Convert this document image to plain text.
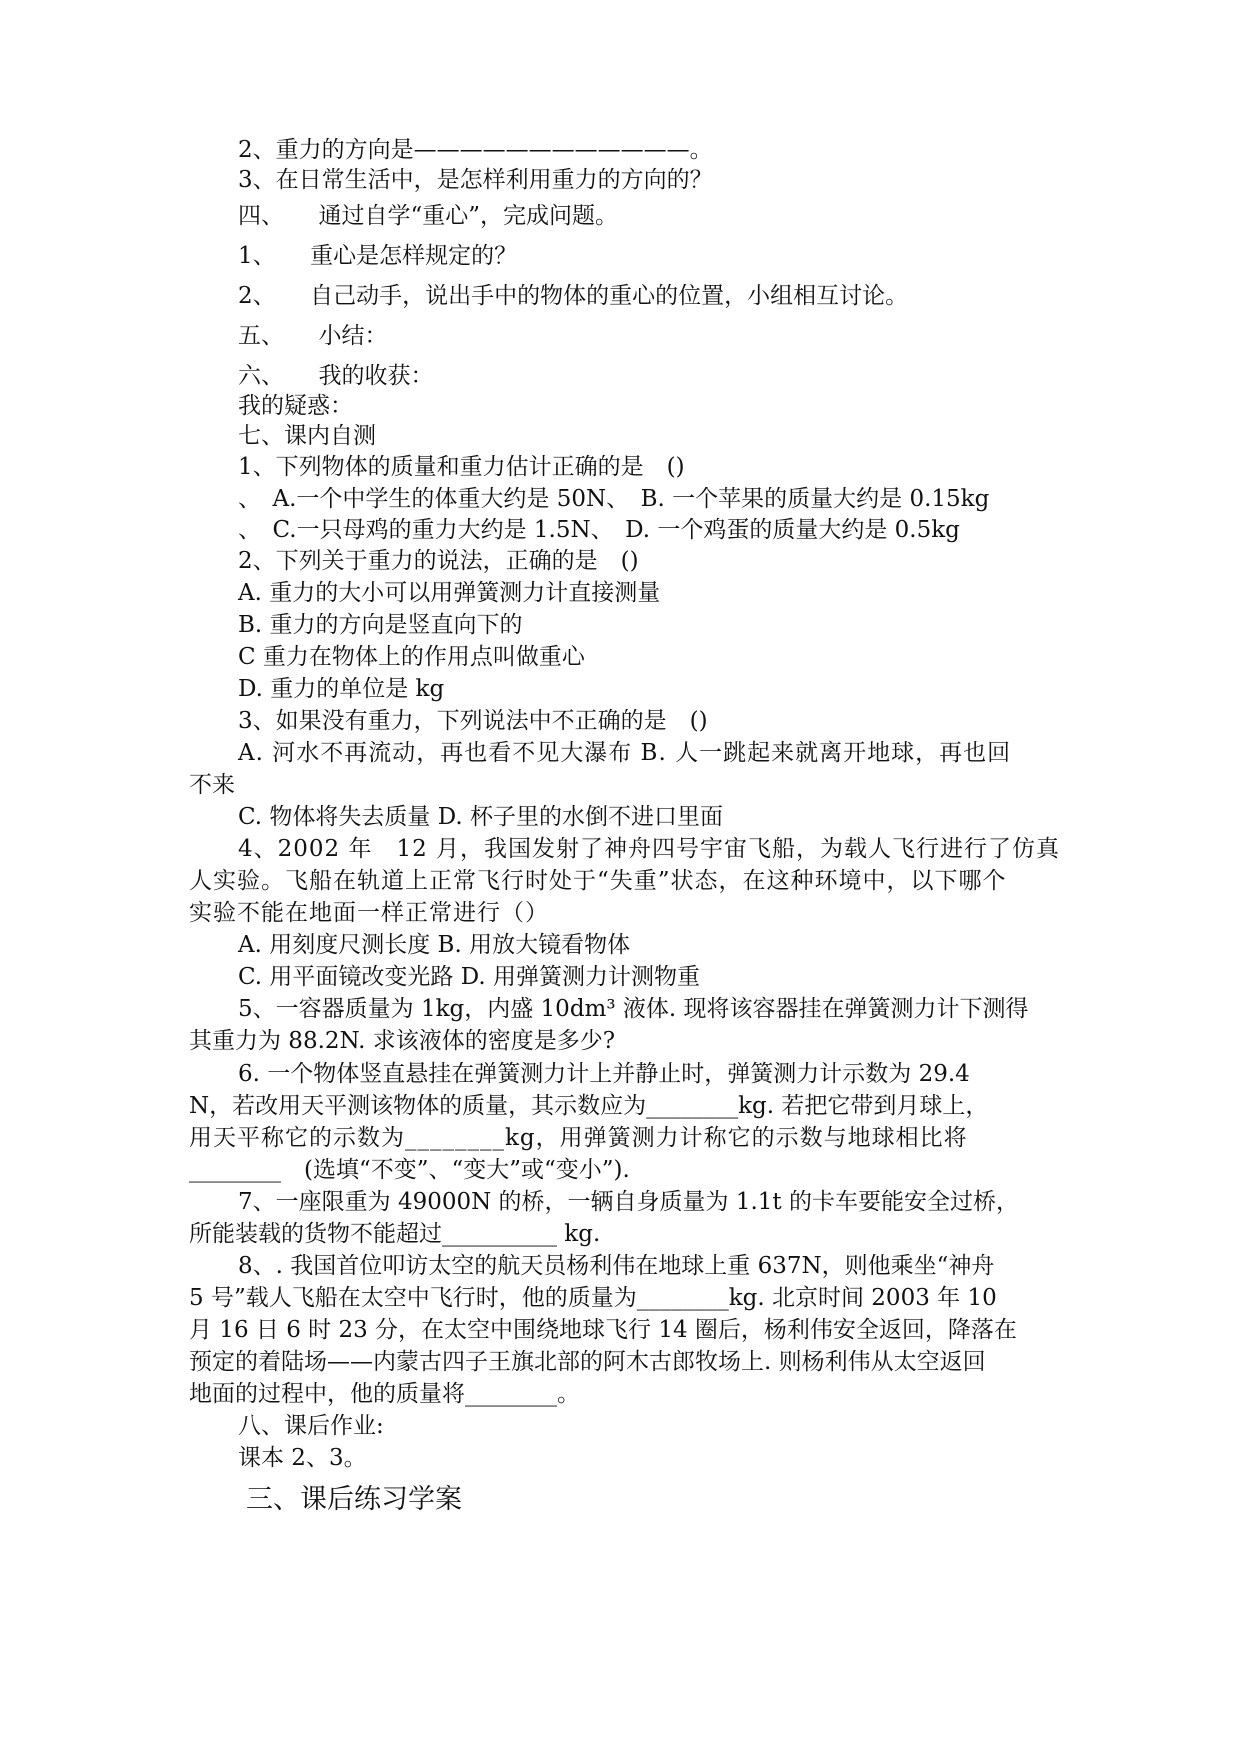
2、重力的方向是————————————。
3、在日常生活中，是怎样利用重力的方向的？
四、　　通过自学“重心”，完成问题。
1、　　重心是怎样规定的？
2、　　自己动手，说出手中的物体的重心的位置，小组相互讨论。
五、　　小结：
六、　　我的收获：
我的疑惑：
七、课内自测
1、下列物体的质量和重力估计正确的是　()
、　A.一个中学生的体重大约是 50N、　B. 一个苹果的质量大约是 0.15kg
、　C.一只母鸡的重力大约是 1.5N、　D. 一个鸡蛋的质量大约是 0.5kg
2、下列关于重力的说法，正确的是　()
A. 重力的大小可以用弹簧测力计直接测量
B. 重力的方向是竖直向下的
C 重力在物体上的作用点叫做重心
D. 重力的单位是 kg
3、如果没有重力，下列说法中不正确的是　()
A. 河水不再流动，再也看不见大瀑布 B. 人一跳起来就离开地球，再也回
不来
C. 物体将失去质量 D. 杯子里的水倒不进口里面
4、2002 年　12 月，我国发射了神舟四号宇宙飞船，为载人飞行进行了仿真
人实验。飞船在轨道上正常飞行时处于“失重”状态，在这种环境中，以下哪个
实验不能在地面一样正常进行（）
A. 用刻度尺测长度 B. 用放大镜看物体
C. 用平面镜改变光路 D. 用弹簧测力计测物重
5、一容器质量为 1kg，内盛 10dm³ 液体. 现将该容器挂在弹簧测力计下测得
其重力为 88.2N. 求该液体的密度是多少?
6. 一个物体竖直悬挂在弹簧测力计上并静止时，弹簧测力计示数为 29.4
N，若改用天平测该物体的质量，其示数应为________kg. 若把它带到月球上，
用天平称它的示数为________kg，用弹簧测力计称它的示数与地球相比将
________　(选填“不变”、“变大”或“变小”).
7、一座限重为 49000N 的桥，一辆自身质量为 1.1t 的卡车要能安全过桥，
所能装载的货物不能超过__________ kg.
8、. 我国首位叩访太空的航天员杨利伟在地球上重 637N，则他乘坐“神舟
5 号”载人飞船在太空中飞行时，他的质量为________kg. 北京时间 2003 年 10
月 16 日 6 时 23 分，在太空中围绕地球飞行 14 圈后，杨利伟安全返回，降落在
预定的着陆场——内蒙古四子王旗北部的阿木古郎牧场上. 则杨利伟从太空返回
地面的过程中，他的质量将________。
八、课后作业:
课本 2、3。
三、课后练习学案
